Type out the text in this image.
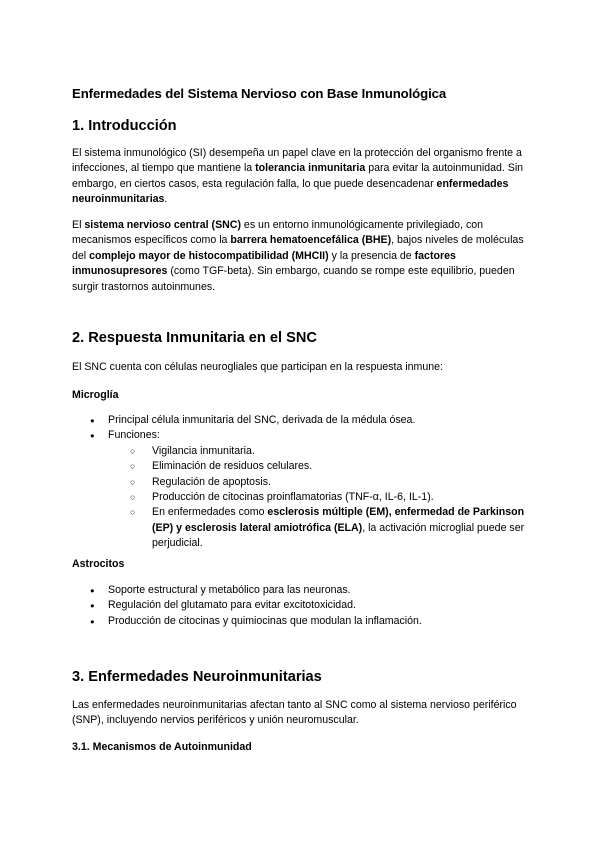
Enfermedades del Sistema Nervioso con Base Inmunológica
1. Introducción

El sistema inmunológico (SI) desempeña un papel clave en la protección del organismo frente a infecciones, al tiempo que mantiene la tolerancia inmunitaria para evitar la autoinmunidad. Sin embargo, en ciertos casos, esta regulación falla, lo que puede desencadenar enfermedades neuroinmunitarias.

El sistema nervioso central (SNC) es un entorno inmunológicamente privilegiado, con mecanismos específicos como la barrera hematoencefálica (BHE), bajos niveles de moléculas del complejo mayor de histocompatibilidad (MHCII) y la presencia de factores inmunosupresores (como TGF-beta). Sin embargo, cuando se rompe este equilibrio, pueden surgir trastornos autoinmunes.

2. Respuesta Inmunitaria en el SNC

El SNC cuenta con células neurogliales que participan en la respuesta inmune:

Microglía
● Principal célula inmunitaria del SNC, derivada de la médula ósea.
● Funciones:
○ Vigilancia inmunitaria.
○ Eliminación de residuos celulares.
○ Regulación de apoptosis.
○ Producción de citocinas proinflamatorias (TNF-α, IL-6, IL-1).
○ En enfermedades como esclerosis múltiple (EM), enfermedad de Parkinson (EP) y esclerosis lateral amiotrófica (ELA), la activación microglial puede ser perjudicial.
Astrocitos
● Soporte estructural y metabólico para las neuronas.
● Regulación del glutamato para evitar excitotoxicidad.
● Producción de citocinas y quimiocinas que modulan la inflamación.
3. Enfermedades Neuroinmunitarias

Las enfermedades neuroinmunitarias afectan tanto al SNC como al sistema nervioso periférico (SNP), incluyendo nervios periféricos y unión neuromuscular.

3.1. Mecanismos de Autoinmunidad
